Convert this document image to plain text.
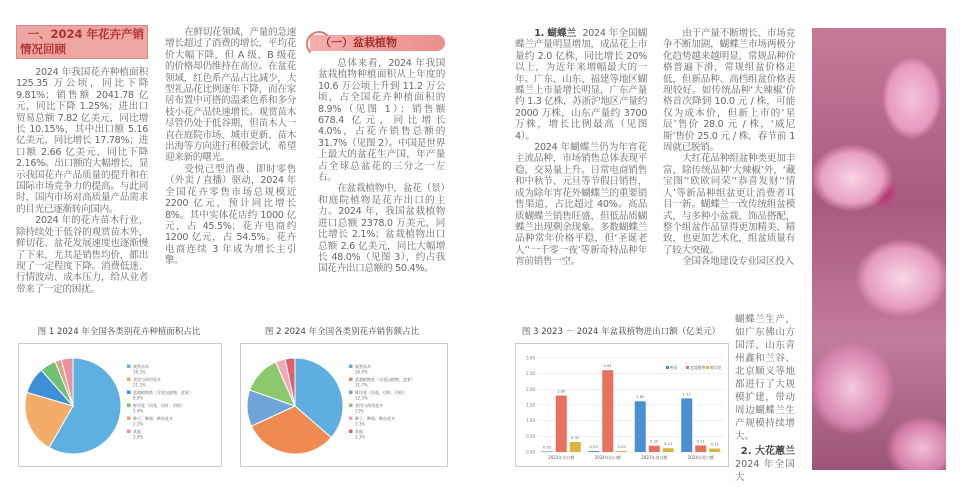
一、2024 年花卉产销
情况回顾

2024 年我国花卉种植面积 125.35 万公顷，同比下降 9.81%；销售额 2041.78 亿元，同比下降 1.25%；进出口贸易总额 7.82 亿美元，同比增长 10.15%，其中出口额 5.16 亿美元，同比增长 17.78%；进口额 2.66 亿美元，同比下降 2.16%。出口额的大幅增长，显示我国花卉产品质量的提升和在国际市场竞争力的提高。与此同时，国内市场对高质量产品需求的目光已逐渐转向国内。

2024 年的花卉苗木行业，除持续处于低谷的观赏苗木外，鲜切花、盆花发展速度也逐渐慢了下来，尤其是销售均价，都出现了一定程度下降。消费低迷、行情波动、成本压力，给从业者带来了一定的困扰。

在鲜切花领域，产量的急速增长超过了消费的增长，平均花价大幅下降，但 A 级、B 级花的价格却仍维持在高位。在盆花领域，红色系产品占比减少，大型礼品花比例逐年下降，而在家居布置中可搭的温柔色系和多分枝小花产品快速增长。观赏苗木尽管仍处于低谷期，但苗木人一直在庭院市场、城市更新、苗木出海等方向进行积极尝试，希望迎来新的曙光。

受悦己型消费、即时零售（外卖 / 直播）驱动，2024 年全国花卉零售市场总规模近 2200 亿元，预计同比增长 8%。其中实体花店约 1000 亿元，占 45.5%；花卉电商约 1200 亿元，占 54.5%。花卉电商连续 3 年成为增长主引擎。

（一）盆栽植物

总体来看，2024 年我国盆栽植物种植面积从上年度的 10.6 万公顷上升到 11.2 万公顷，占全国花卉种植面积的 8.9%（见图 1）；销售额 678.4 亿元，同比增长 4.0%，占花卉销售总额的 31.7%（见图 2）。中国是世界上最大的盆花生产国，年产量占全球总盆花的三分之一左右。

在盆栽植物中，盆花（景）和庭院植物是花卉出口的主力。2024 年，我国盆栽植物进口总额 2378.0 万美元，同比增长 2.1%；盆栽植物出口总额 2.6 亿美元，同比大幅增长 48.0%（见图 3），约占我国花卉出口总额的 50.4%。

图 1 2024 年全国各类别花卉种植面积占比
观赏苗木
58.3%
食用与药用花卉
21.3%
盆栽植物类（含花坛植物、盆景）
8.9%
鲜切花（切花、切叶、切枝）
5.4%
种子、种球、种苗花卉
2.2%
其他
3.9%
图 2 2024 年全国各类别花卉销售额占比
观赏苗木
36.4%
盆栽植物类（含花坛植物、盆景）
31.7%
鲜切花（切花、切叶、切枝）
12.3%
食用与药用花卉
13%
种子、种球、种苗花卉
3.3%
其他
3.3%

1. 蝴蝶兰 2024 年全国蝴蝶兰产量明显增加，成品花上市量约 2.0 亿株，同比增长 20% 以上，为近年来增幅最大的一年。广东、山东、福建等地区蝴蝶兰上市量增长明显，广东产量约 1.3 亿株，苏浙沪地区产量约 2000 万株，山东产量约 3700 万株，增长比例最高（见图 4）。

2024 年蝴蝶兰仍为年宵花主流品种，市场销售总体表现平稳，交易量上升。日常电商销售和中秋节、元旦等节假日销售，成为除年宵花外蝴蝶兰的重要销售渠道，占比超过 40%。高品质蝴蝶兰销售旺盛，但低品质蝴蝶兰出现剩余现象。多数蝴蝶兰品种常年价格平稳，但‘圣诞老人’‘一千零一夜’等新奇特品种年宵前销售一空。

由于产量不断增长、市场竞争不断加剧，蝴蝶兰市场两极分化趋势越来越明显，常规品种价格普遍下滑，常规组盆价格走低，但新品种、高档组盆价格表现较好。如传统品种‘大辣椒’价格首次降到 10.0 元 / 株，可能仅为成本价，但新上市的‘星辰’售价 28.0 元 / 株，‘威尼斯’售价 25.0 元 / 株，春节前 1 周就已脱销。

大红花品种组盆种类更加丰富，除传统品种‘大辣椒’外，‘藏宝图’‘欧欧同荣’‘恭喜发财’‘情人’等新品种组盆更让消费者耳目一新。蝴蝶兰一改传统组盆模式，与多种小盆栽、饰品搭配，整个组盆作品显得更加精美、精致，也更加艺术化，组盆质量有了较大突破。

全国各地建设专业园区投入

蝴蝶兰生产，如广东佛山方国洋、山东青州鑫和兰谷、北京顺义等地都进行了大规模扩建，带动周边蝴蝶兰生产规模持续增大。

2. 大花蕙兰
2024 年全国大
图 3 2023 － 2024 年盆栽植物进出口额（亿美元）
0.00
0.50
1.00
1.50
2.00
2.50
3.00
2023年出口额
0.02
1.80
0.32
2024年出口额
0.03
2.61
0.03
2023年进口额
1.62
0.20
0.12
2024年进口额
1.71
0.21
0.11
种苗	盆栽植物 鲜切花
